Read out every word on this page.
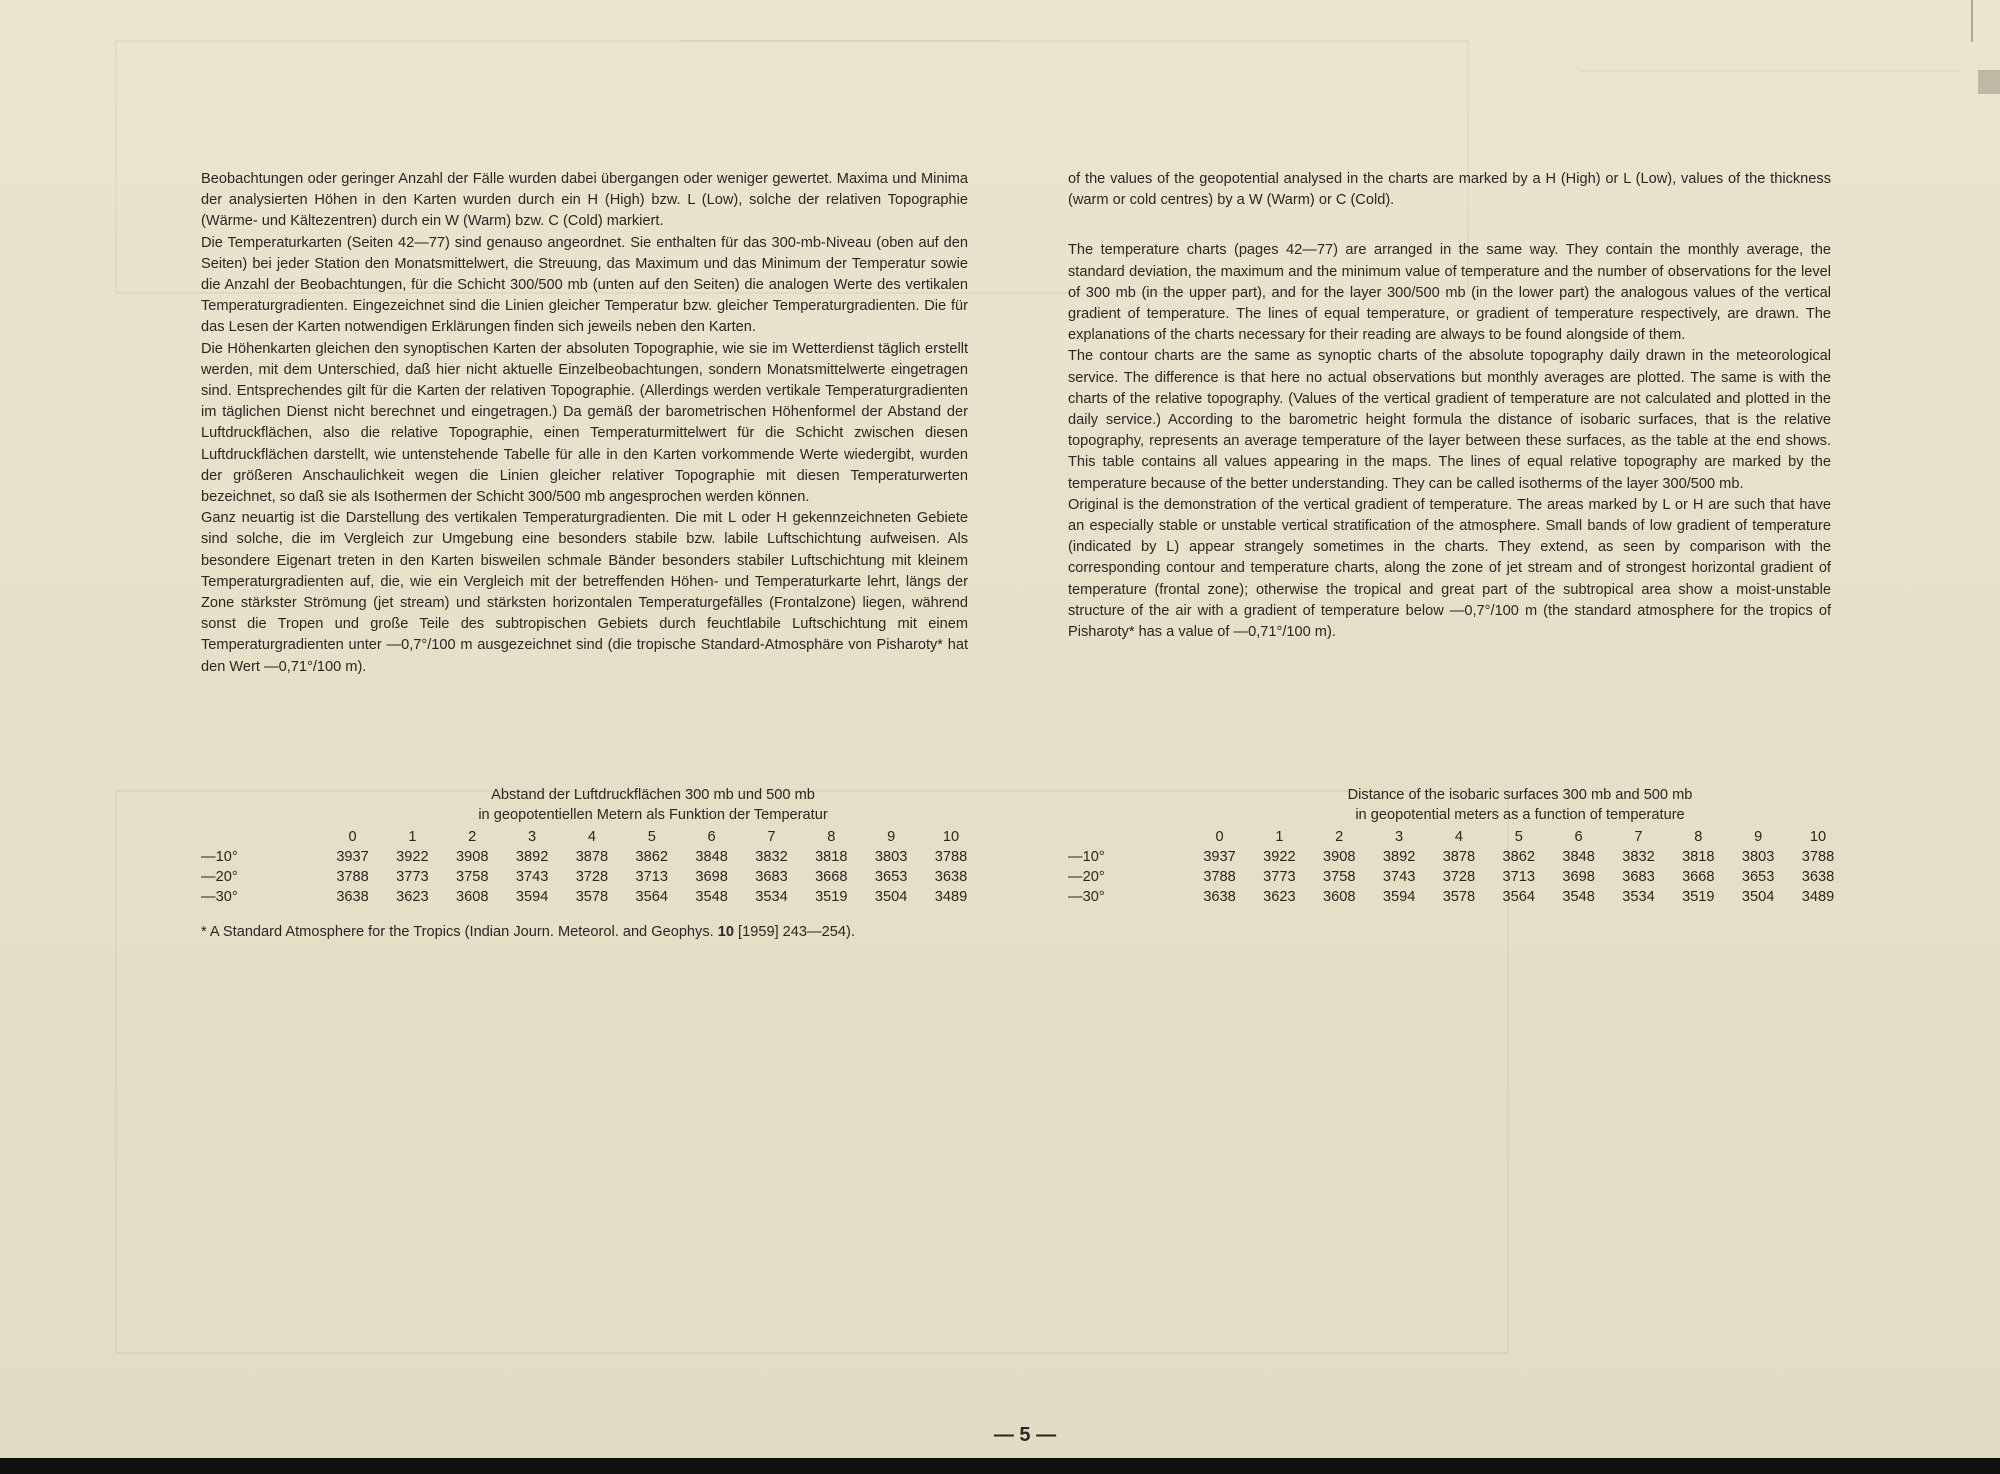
Beobachtungen oder geringer Anzahl der Fälle wurden dabei übergangen oder weniger gewertet. Maxima und Minima der analysierten Höhen in den Karten wurden durch ein H (High) bzw. L (Low), solche der relativen Topographie (Wärme- und Kältezentren) durch ein W (Warm) bzw. C (Cold) markiert.

Die Temperaturkarten (Seiten 42—77) sind genauso angeordnet. Sie enthalten für das 300-mb-Niveau (oben auf den Seiten) bei jeder Station den Monatsmittelwert, die Streuung, das Maximum und das Minimum der Temperatur sowie die Anzahl der Beobachtungen, für die Schicht 300/500 mb (unten auf den Seiten) die analogen Werte des vertikalen Temperaturgradienten. Eingezeichnet sind die Linien gleicher Temperatur bzw. gleicher Temperaturgradienten. Die für das Lesen der Karten notwendigen Erklärungen finden sich jeweils neben den Karten.

Die Höhenkarten gleichen den synoptischen Karten der absoluten Topographie, wie sie im Wetterdienst täglich erstellt werden, mit dem Unterschied, daß hier nicht aktuelle Einzelbeobachtungen, sondern Monatsmittelwerte eingetragen sind. Entsprechendes gilt für die Karten der relativen Topographie. (Allerdings werden vertikale Temperaturgradienten im täglichen Dienst nicht berechnet und eingetragen.) Da gemäß der barometrischen Höhenformel der Abstand der Luftdruckflächen, also die relative Topographie, einen Temperaturmittelwert für die Schicht zwischen diesen Luftdruckflächen darstellt, wie untenstehende Tabelle für alle in den Karten vorkommende Werte wiedergibt, wurden der größeren Anschaulichkeit wegen die Linien gleicher relativer Topographie mit diesen Temperaturwerten bezeichnet, so daß sie als Isothermen der Schicht 300/500 mb angesprochen werden können.

Ganz neuartig ist die Darstellung des vertikalen Temperaturgradienten. Die mit L oder H gekennzeichneten Gebiete sind solche, die im Vergleich zur Umgebung eine besonders stabile bzw. labile Luftschichtung aufweisen. Als besondere Eigenart treten in den Karten bisweilen schmale Bänder besonders stabiler Luftschichtung mit kleinem Temperaturgradienten auf, die, wie ein Vergleich mit der betreffenden Höhen- und Temperaturkarte lehrt, längs der Zone stärkster Strömung (jet stream) und stärksten horizontalen Temperaturgefälles (Frontalzone) liegen, während sonst die Tropen und große Teile des subtropischen Gebiets durch feuchtlabile Luftschichtung mit einem Temperaturgradienten unter —0,7°/100 m ausgezeichnet sind (die tropische Standard-Atmosphäre von Pisharoty* hat den Wert —0,71°/100 m).

of the values of the geopotential analysed in the charts are marked by a H (High) or L (Low), values of the thickness (warm or cold centres) by a W (Warm) or C (Cold).

The temperature charts (pages 42—77) are arranged in the same way. They contain the monthly average, the standard deviation, the maximum and the minimum value of temperature and the number of observations for the level of 300 mb (in the upper part), and for the layer 300/500 mb (in the lower part) the analogous values of the vertical gradient of temperature. The lines of equal temperature, or gradient of temperature respectively, are drawn. The explanations of the charts necessary for their reading are always to be found alongside of them.

The contour charts are the same as synoptic charts of the absolute topography daily drawn in the meteorological service. The difference is that here no actual observations but monthly averages are plotted. The same is with the charts of the relative topography. (Values of the vertical gradient of temperature are not calculated and plotted in the daily service.) According to the barometric height formula the distance of isobaric surfaces, that is the relative topography, represents an average temperature of the layer between these surfaces, as the table at the end shows. This table contains all values appearing in the maps. The lines of equal relative topography are marked by the temperature because of the better understanding. They can be called isotherms of the layer 300/500 mb.

Original is the demonstration of the vertical gradient of temperature. The areas marked by L or H are such that have an especially stable or unstable vertical stratification of the atmosphere. Small bands of low gradient of temperature (indicated by L) appear strangely sometimes in the charts. They extend, as seen by comparison with the corresponding contour and temperature charts, along the zone of jet stream and of strongest horizontal gradient of temperature (frontal zone); otherwise the tropical and great part of the subtropical area show a moist-unstable structure of the air with a gradient of temperature below —0,7°/100 m (the standard atmosphere for the tropics of Pisharoty* has a value of —0,71°/100 m).

Abstand der Luftdruckflächen 300 mb und 500 mb
in geopotentiellen Metern als Funktion der Temperatur
	0	1	2	3	4	5	6	7	8	9	10
—10°	3937	3922	3908	3892	3878	3862	3848	3832	3818	3803	3788
—20°	3788	3773	3758	3743	3728	3713	3698	3683	3668	3653	3638
—30°	3638	3623	3608	3594	3578	3564	3548	3534	3519	3504	3489
Distance of the isobaric surfaces 300 mb and 500 mb
in geopotential meters as a function of temperature
	0	1	2	3	4	5	6	7	8	9	10
—10°	3937	3922	3908	3892	3878	3862	3848	3832	3818	3803	3788
—20°	3788	3773	3758	3743	3728	3713	3698	3683	3668	3653	3638
—30°	3638	3623	3608	3594	3578	3564	3548	3534	3519	3504	3489
* A Standard Atmosphere for the Tropics (Indian Journ. Meteorol. and Geophys. 10 [1959] 243—254).
— 5 —
